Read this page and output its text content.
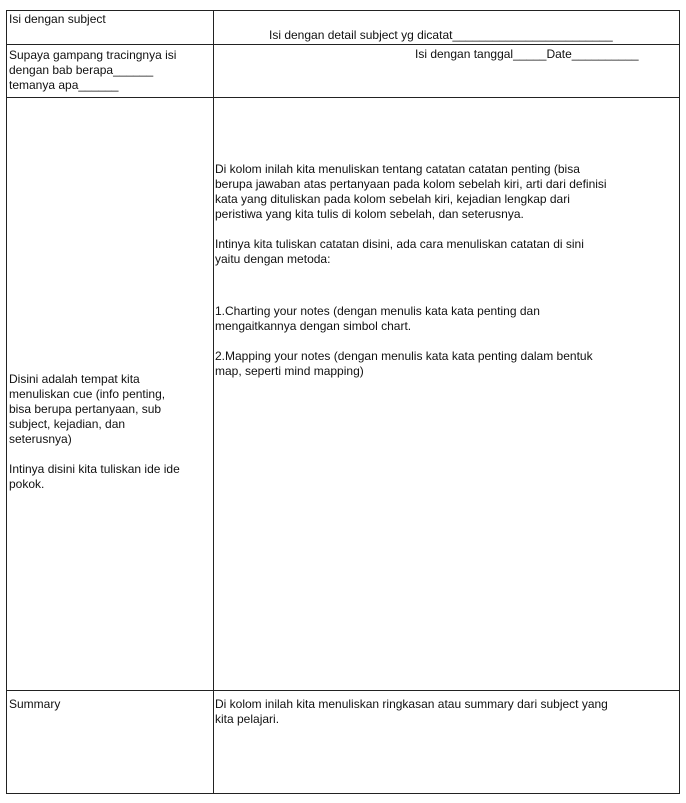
Isi dengan subject
Isi dengan detail subject yg dicatat________________________
Supaya gampang tracingnya isi
dengan bab berapa______
temanya apa______
Isi dengan tanggal_____Date__________
Disini adalah tempat kita
menuliskan cue (info penting,
bisa berupa pertanyaan, sub
subject, kejadian, dan
seterusnya)
Intinya disini kita tuliskan ide ide
pokok.
Di kolom inilah kita menuliskan tentang catatan catatan penting (bisa
berupa jawaban atas pertanyaan pada kolom sebelah kiri, arti dari definisi
kata yang dituliskan pada kolom sebelah kiri, kejadian lengkap dari
peristiwa yang kita tulis di kolom sebelah, dan seterusnya.
Intinya kita tuliskan catatan disini, ada cara menuliskan catatan di sini
yaitu dengan metoda:
1.Charting your notes (dengan menulis kata kata penting dan
mengaitkannya dengan simbol chart.
2.Mapping your notes (dengan menulis kata kata penting dalam bentuk
map, seperti mind mapping)
Summary	Di kolom inilah kita menuliskan ringkasan atau summary dari subject yang
kita pelajari.
